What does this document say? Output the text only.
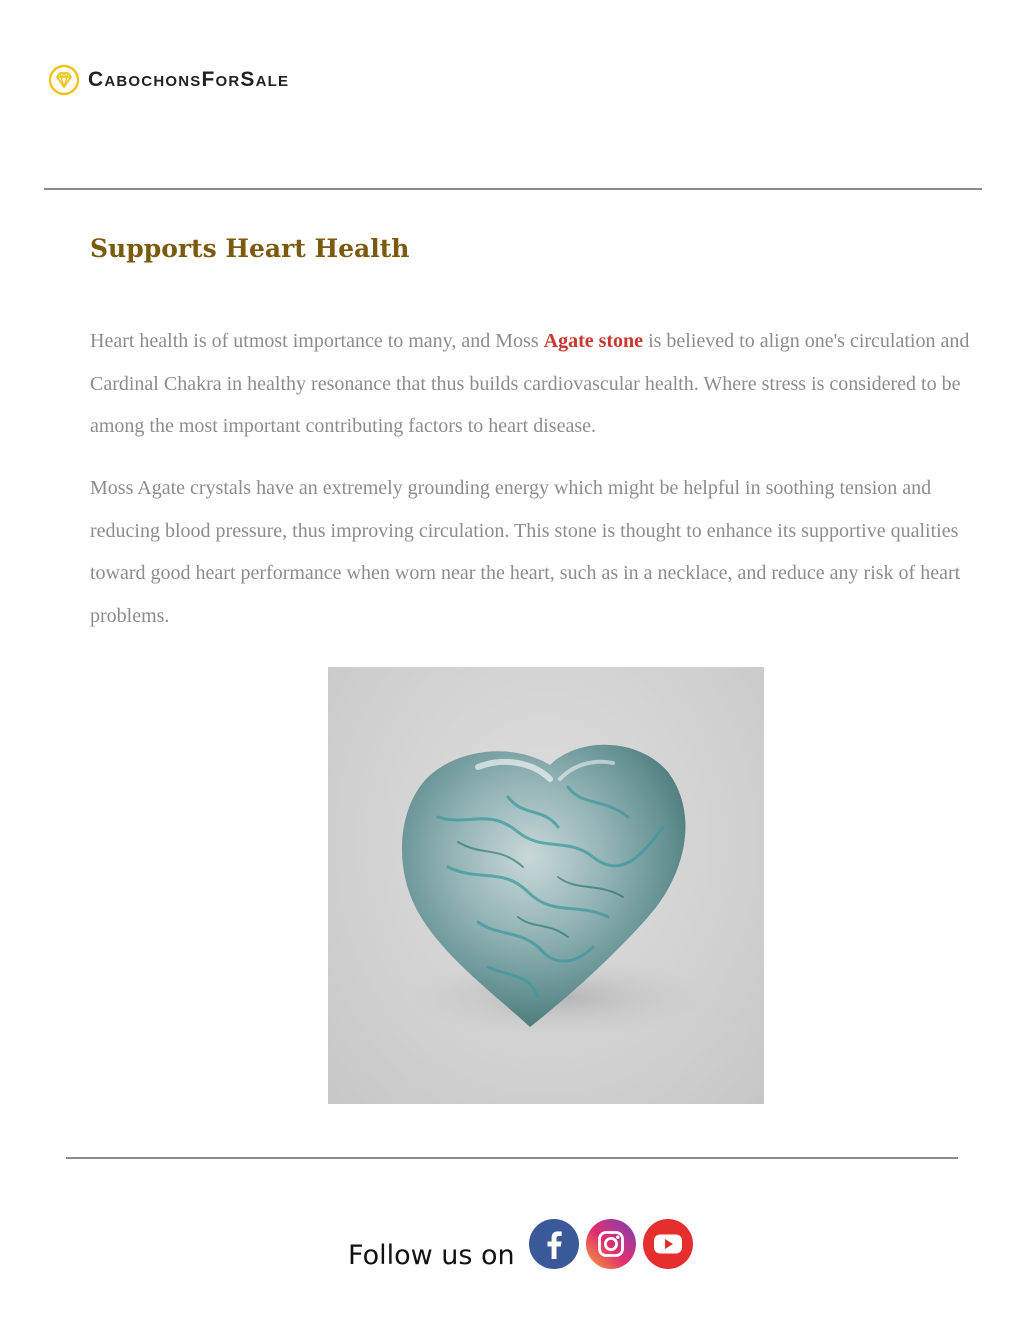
CabochonsForSale
Supports Heart Health

Heart health is of utmost importance to many, and Moss Agate stone is believed to align one's circulation and Cardinal Chakra in healthy resonance that thus builds cardiovascular health. Where stress is considered to be among the most important contributing factors to heart disease.

Moss Agate crystals have an extremely grounding energy which might be helpful in soothing tension and reducing blood pressure, thus improving circulation. This stone is thought to enhance its supportive qualities toward good heart performance when worn near the heart, such as in a necklace, and reduce any risk of heart problems.

Follow us on
